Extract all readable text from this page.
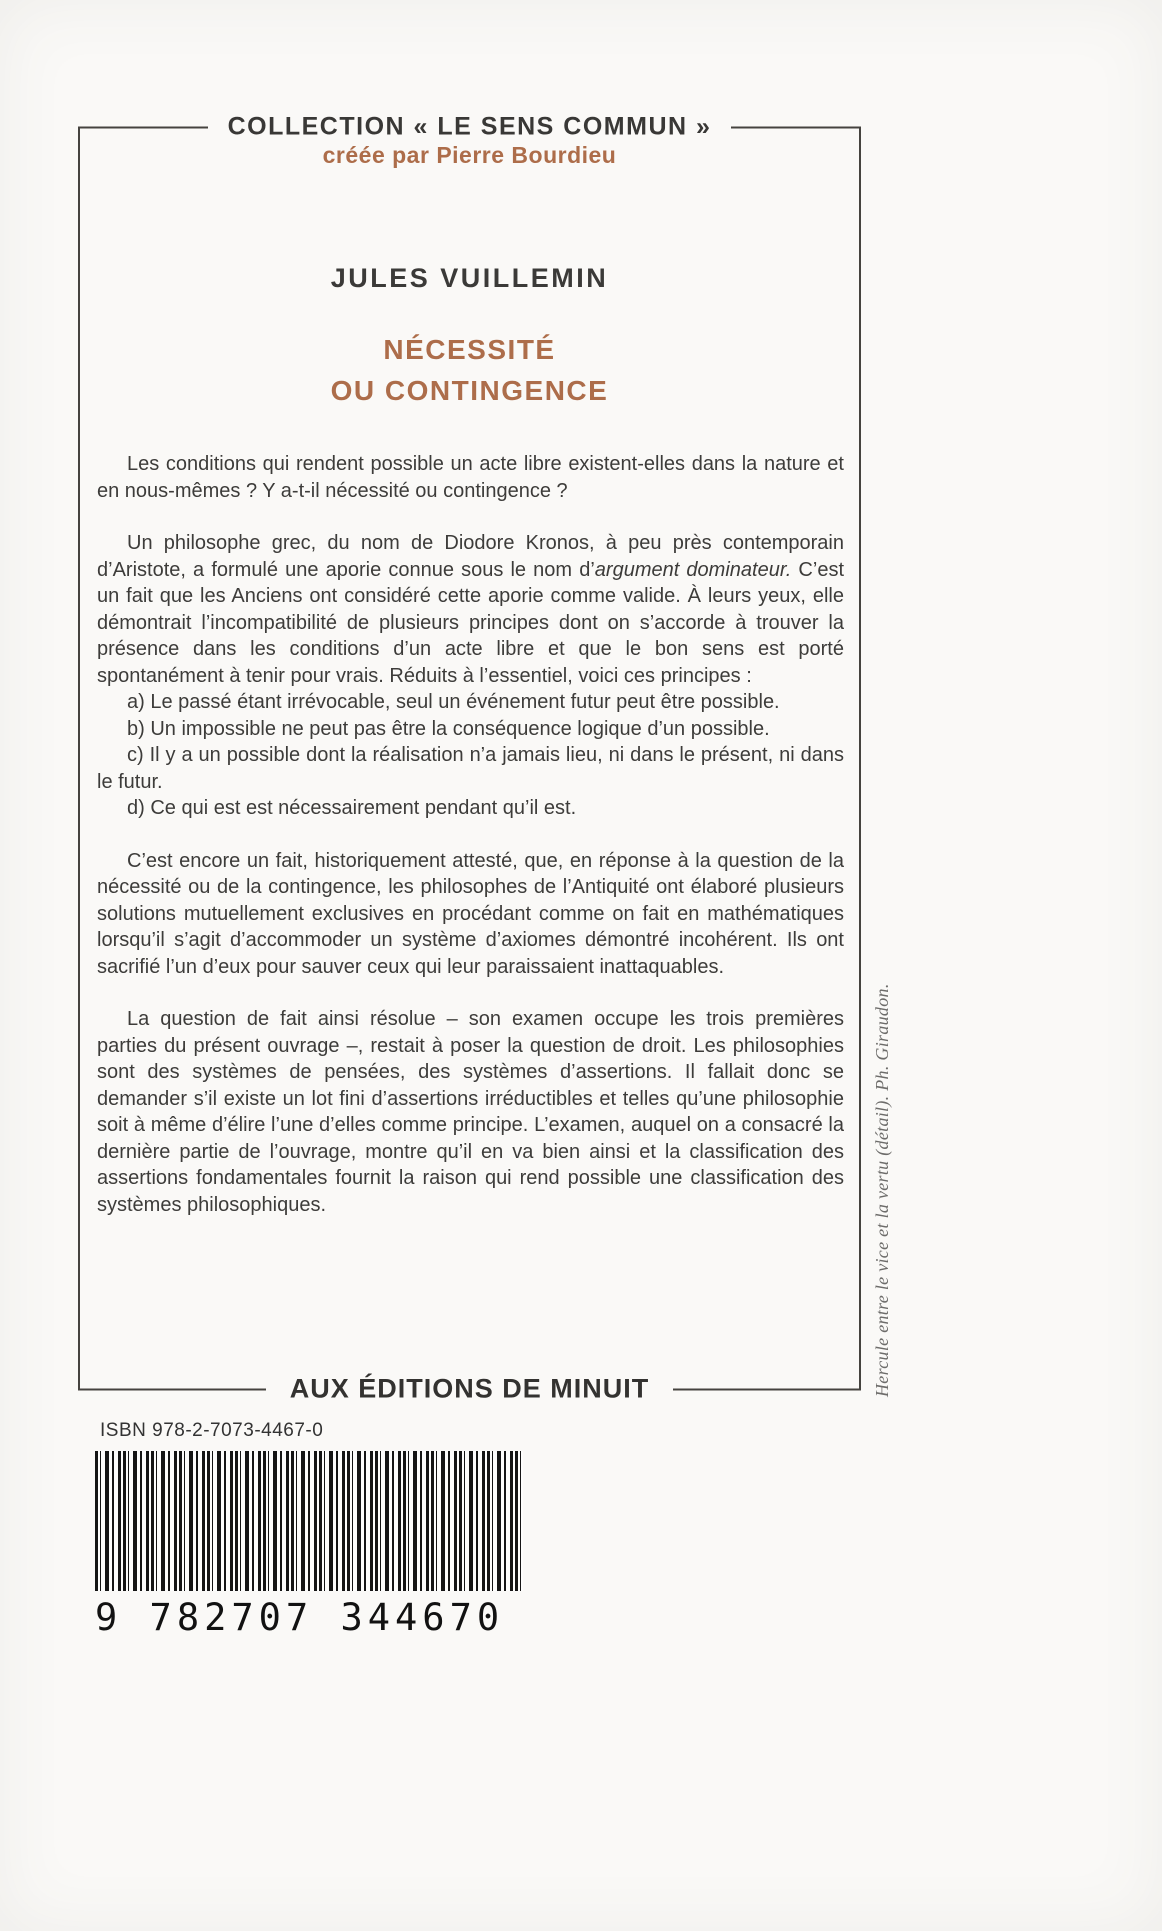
COLLECTION « LE SENS COMMUN »
créée par Pierre Bourdieu
JULES VUILLEMIN
NÉCESSITÉ
OU CONTINGENCE

Les conditions qui rendent possible un acte libre existent-elles dans la nature et en nous-mêmes ? Y a-t-il nécessité ou contingence ?

Un philosophe grec, du nom de Diodore Kronos, à peu près contemporain d’Aristote, a formulé une aporie connue sous le nom d’argument dominateur. C’est un fait que les Anciens ont considéré cette aporie comme valide. À leurs yeux, elle démontrait l’incompatibilité de plusieurs principes dont on s’accorde à trouver la présence dans les conditions d’un acte libre et que le bon sens est porté spontanément à tenir pour vrais. Réduits à l’essentiel, voici ces principes :

a) Le passé étant irrévocable, seul un événement futur peut être possible.

b) Un impossible ne peut pas être la conséquence logique d’un possible.

c) Il y a un possible dont la réalisation n’a jamais lieu, ni dans le présent, ni dans le futur.

d) Ce qui est est nécessairement pendant qu’il est.

C’est encore un fait, historiquement attesté, que, en réponse à la question de la nécessité ou de la contingence, les philosophes de l’Antiquité ont élaboré plusieurs solutions mutuellement exclusives en procédant comme on fait en mathématiques lorsqu’il s’agit d’accommoder un système d’axiomes démontré incohérent. Ils ont sacrifié l’un d’eux pour sauver ceux qui leur paraissaient inattaquables.

La question de fait ainsi résolue – son examen occupe les trois premières parties du présent ouvrage –, restait à poser la question de droit. Les philosophies sont des systèmes de pensées, des systèmes d’assertions. Il fallait donc se demander s’il existe un lot fini d’assertions irréductibles et telles qu’une philosophie soit à même d’élire l’une d’elles comme principe. L’examen, auquel on a consacré la dernière partie de l’ouvrage, montre qu’il en va bien ainsi et la classification des assertions fondamentales fournit la raison qui rend possible une classification des systèmes philosophiques.

AUX ÉDITIONS DE MINUIT
ISBN 978-2-7073-4467-0
9 782707 344670
Hercule entre le vice et la vertu (détail). Ph. Giraudon.
